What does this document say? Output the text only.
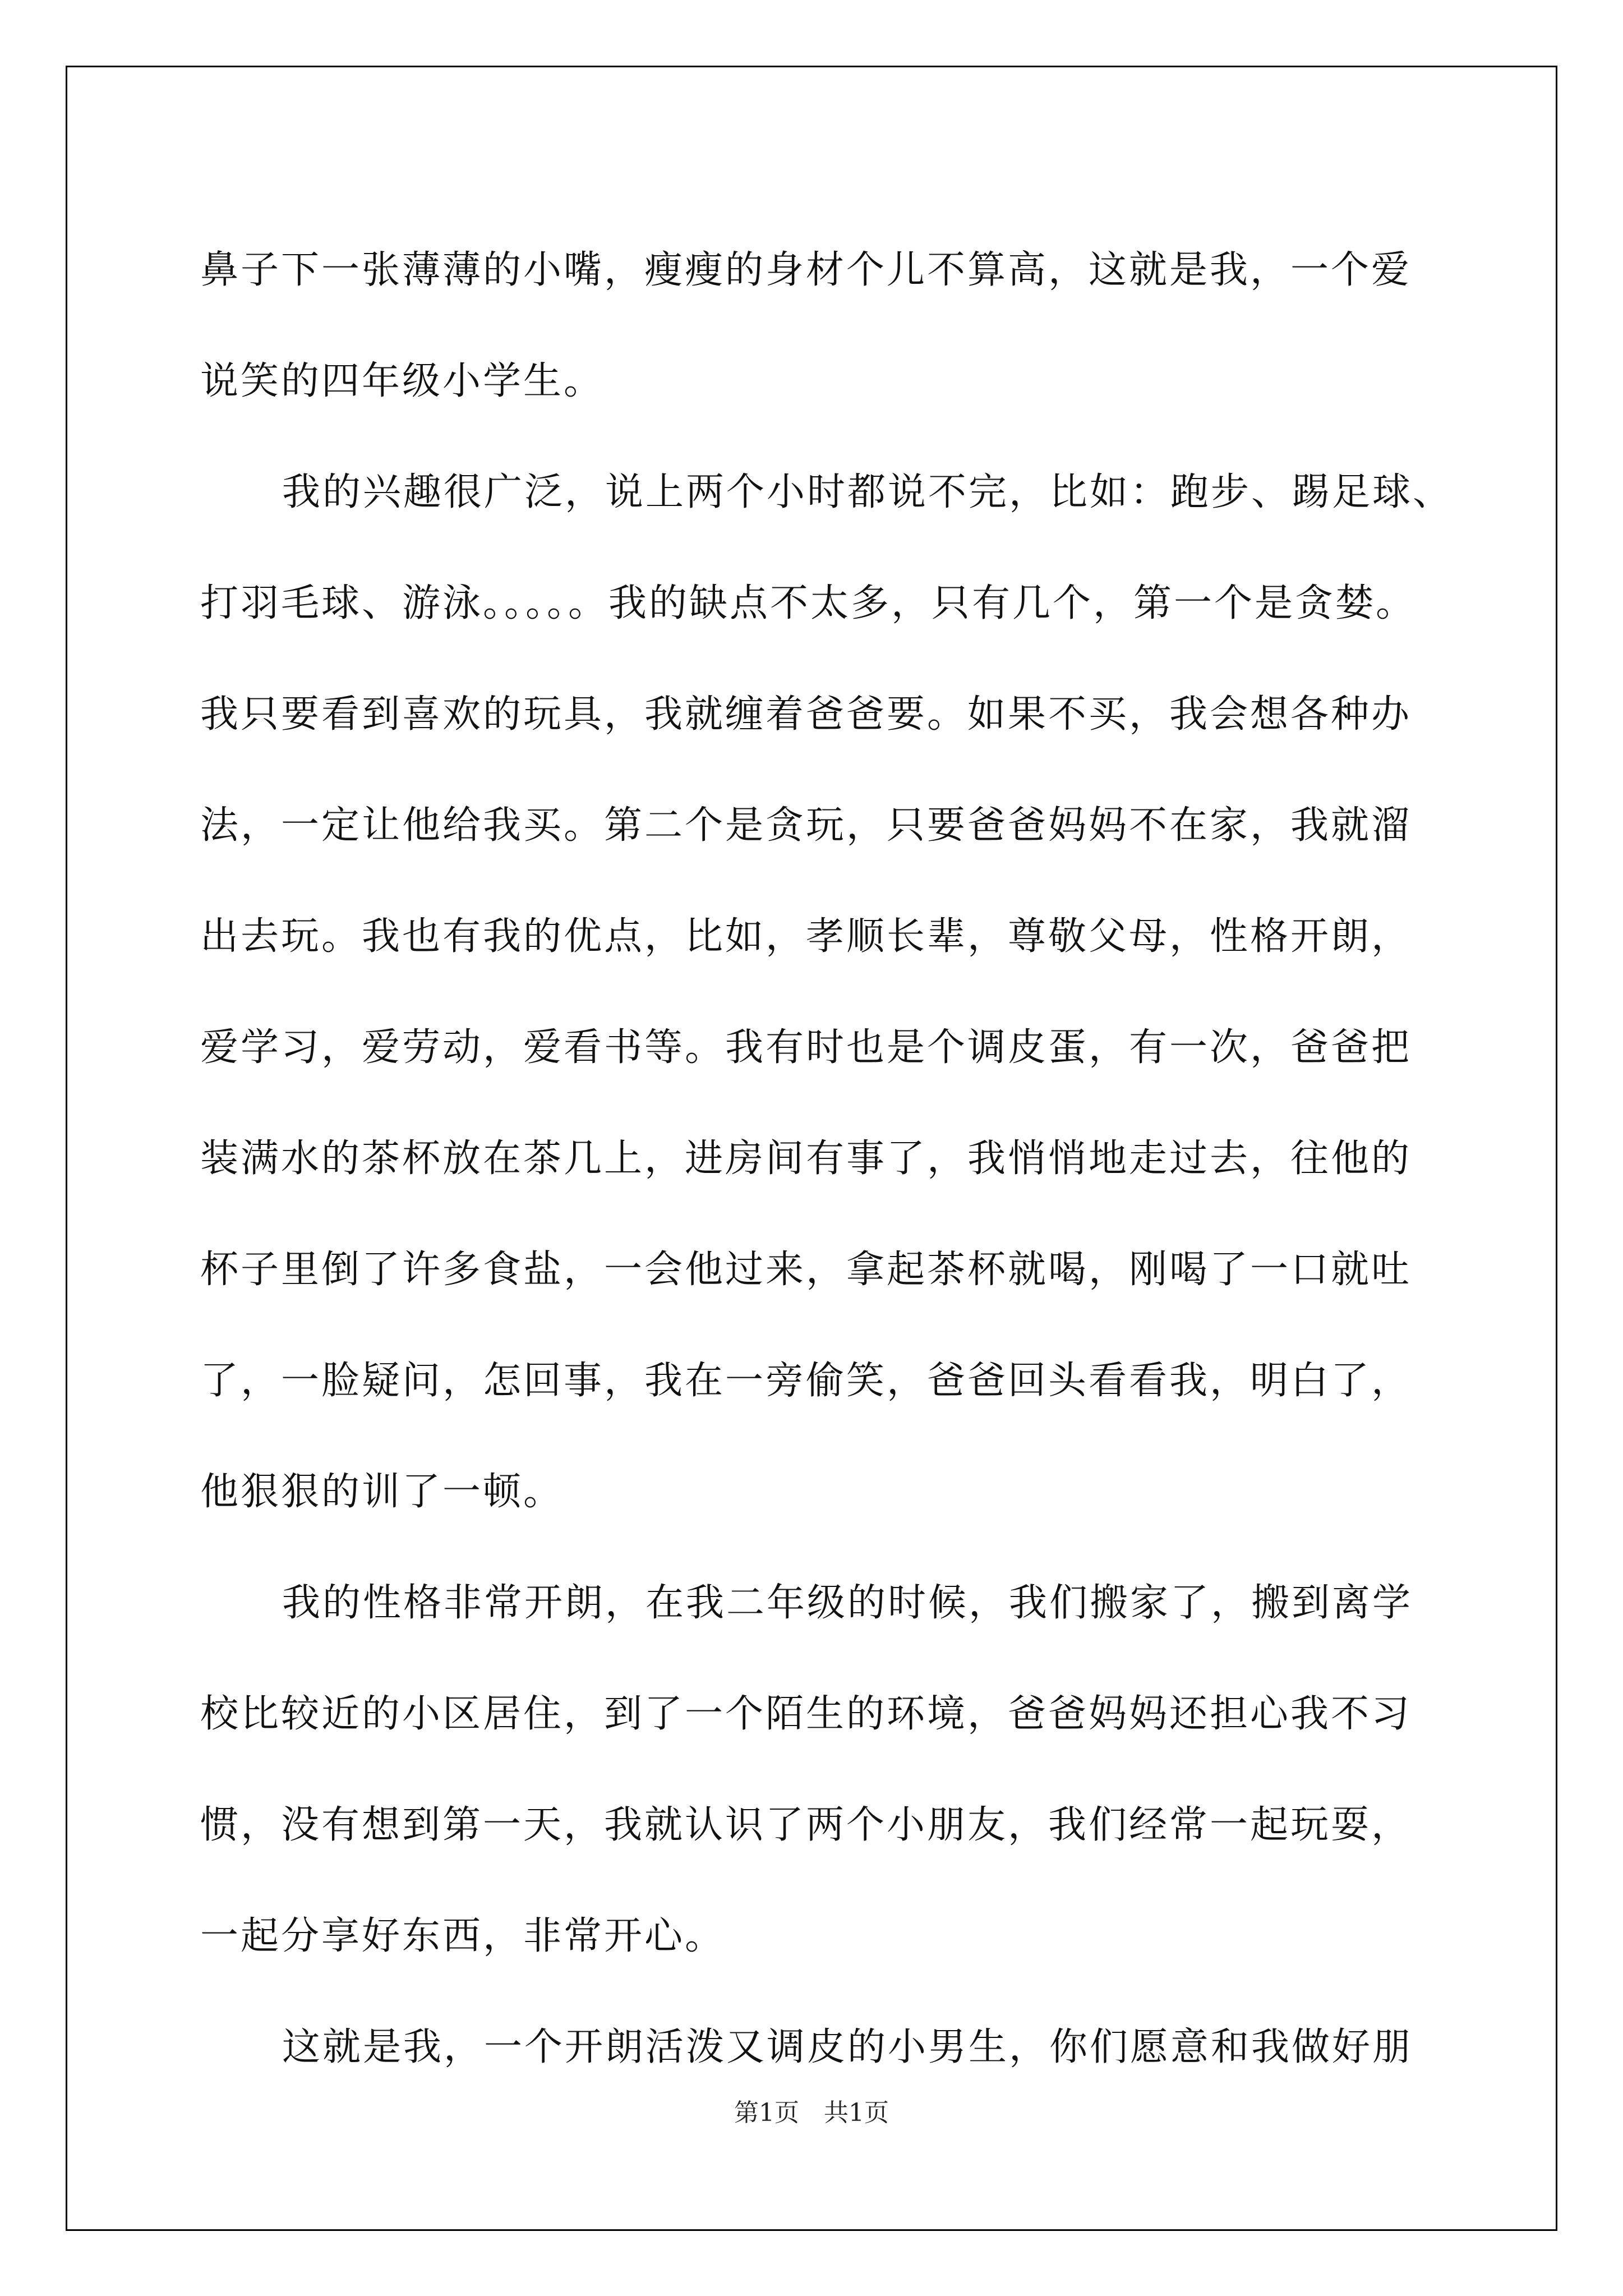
鼻子下一张薄薄的小嘴，瘦瘦的身材个儿不算高，这就是我，一个爱
说笑的四年级小学生。
我的兴趣很广泛，说上两个小时都说不完，比如：跑步、踢足球、
打羽毛球、游泳。。。。。我的缺点不太多，只有几个，第一个是贪婪。
我只要看到喜欢的玩具，我就缠着爸爸要。如果不买，我会想各种办
法，一定让他给我买。第二个是贪玩，只要爸爸妈妈不在家，我就溜
出去玩。我也有我的优点，比如，孝顺长辈，尊敬父母，性格开朗，
爱学习，爱劳动，爱看书等。我有时也是个调皮蛋，有一次，爸爸把
装满水的茶杯放在茶几上，进房间有事了，我悄悄地走过去，往他的
杯子里倒了许多食盐，一会他过来，拿起茶杯就喝，刚喝了一口就吐
了，一脸疑问，怎回事，我在一旁偷笑，爸爸回头看看我，明白了，
他狠狠的训了一顿。
我的性格非常开朗，在我二年级的时候，我们搬家了，搬到离学
校比较近的小区居住，到了一个陌生的环境，爸爸妈妈还担心我不习
惯，没有想到第一天，我就认识了两个小朋友，我们经常一起玩耍，
一起分享好东西，非常开心。
这就是我，一个开朗活泼又调皮的小男生，你们愿意和我做好朋
第1页 共1页
